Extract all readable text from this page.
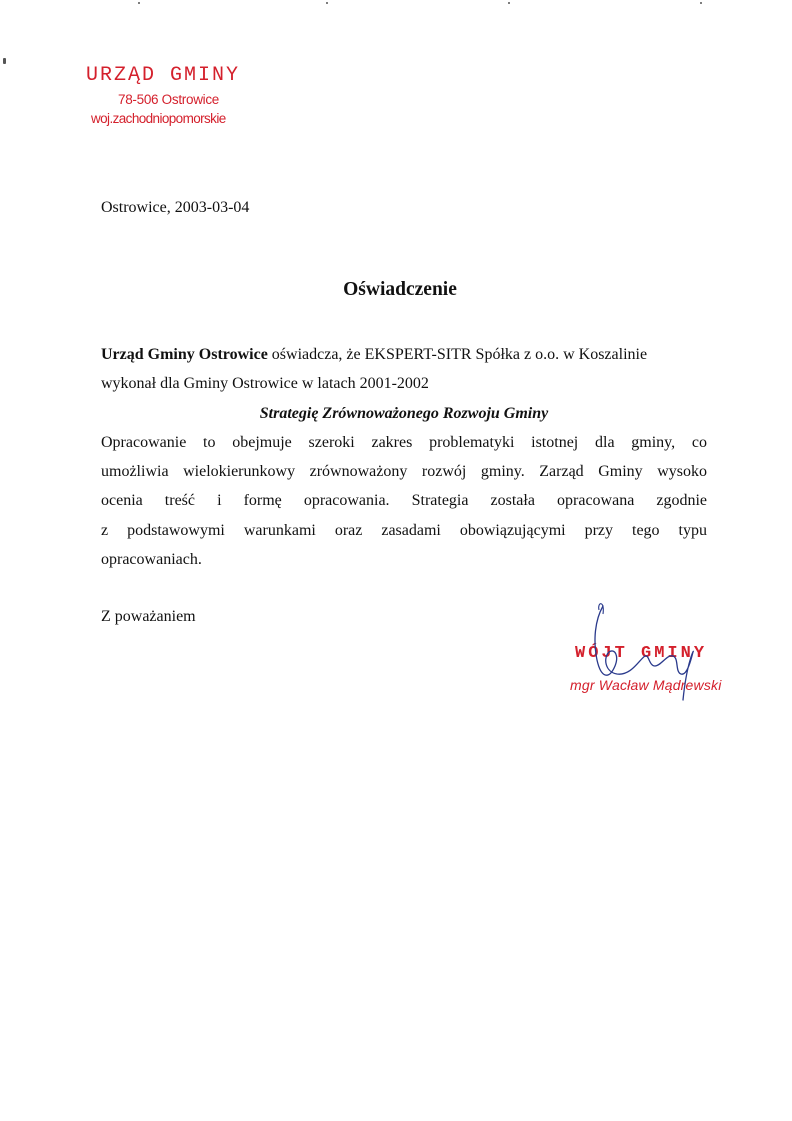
URZĄD GMINY
78-506 Ostrowice
woj.zachodniopomorskie
Ostrowice, 2003-03-04
Oświadczenie

Urząd Gminy Ostrowice oświadcza, że EKSPERT-SITR Spółka z o.o. w Koszalinie

wykonał dla Gminy Ostrowice w latach 2001-2002

Strategię Zrównoważonego Rozwoju Gminy

Opracowanie to obejmuje szeroki zakres problematyki istotnej dla gminy, co

umożliwia wielokierunkowy zrównoważony rozwój gminy. Zarząd Gminy wysoko

ocenia treść i formę opracowania. Strategia została opracowana zgodnie

z podstawowymi warunkami oraz zasadami obowiązującymi przy tego typu

opracowaniach.

Z poważaniem
WÓJT GMINY
mgr Wacław Mądrewski
